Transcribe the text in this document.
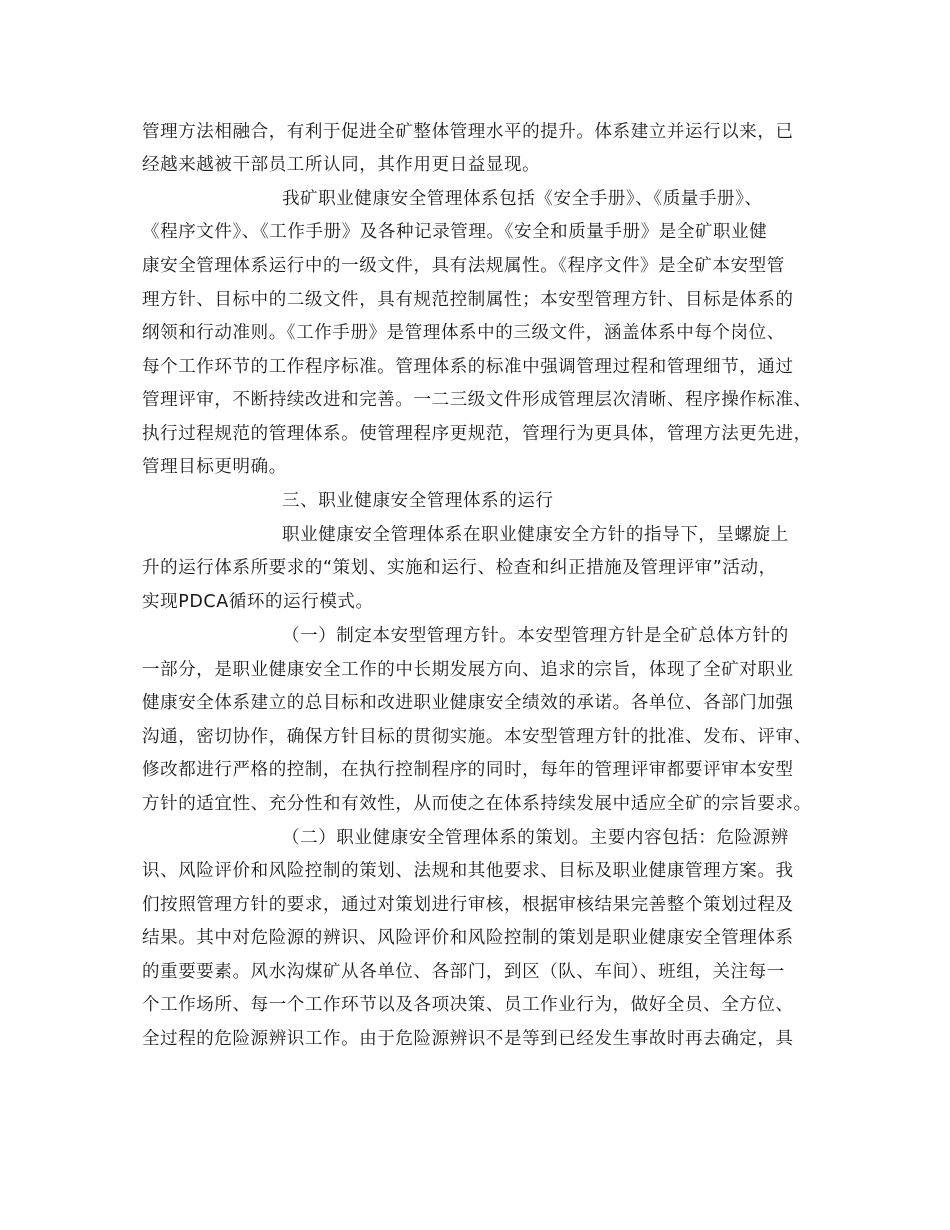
管理方法相融合，有利于促进全矿整体管理水平的提升。体系建立并运行以来，已
经越来越被干部员工所认同，其作用更日益显现。
我矿职业健康安全管理体系包括《安全手册》、《质量手册》、
《程序文件》、《工作手册》及各种记录管理。《安全和质量手册》是全矿职业健
康安全管理体系运行中的一级文件，具有法规属性。《程序文件》是全矿本安型管
理方针、目标中的二级文件，具有规范控制属性；本安型管理方针、目标是体系的
纲领和行动准则。《工作手册》是管理体系中的三级文件，涵盖体系中每个岗位、
每个工作环节的工作程序标准。管理体系的标准中强调管理过程和管理细节，通过
管理评审，不断持续改进和完善。一二三级文件形成管理层次清晰、程序操作标准、
执行过程规范的管理体系。使管理程序更规范，管理行为更具体，管理方法更先进，
管理目标更明确。
三、职业健康安全管理体系的运行
职业健康安全管理体系在职业健康安全方针的指导下，呈螺旋上
升的运行体系所要求的“策划、实施和运行、检查和纠正措施及管理评审”活动，
实现PDCA循环的运行模式。
（一）制定本安型管理方针。本安型管理方针是全矿总体方针的
一部分，是职业健康安全工作的中长期发展方向、追求的宗旨，体现了全矿对职业
健康安全体系建立的总目标和改进职业健康安全绩效的承诺。各单位、各部门加强
沟通，密切协作，确保方针目标的贯彻实施。本安型管理方针的批准、发布、评审、
修改都进行严格的控制，在执行控制程序的同时，每年的管理评审都要评审本安型
方针的适宜性、充分性和有效性，从而使之在体系持续发展中适应全矿的宗旨要求。
（二）职业健康安全管理体系的策划。主要内容包括：危险源辨
识、风险评价和风险控制的策划、法规和其他要求、目标及职业健康管理方案。我
们按照管理方针的要求，通过对策划进行审核，根据审核结果完善整个策划过程及
结果。其中对危险源的辨识、风险评价和风险控制的策划是职业健康安全管理体系
的重要要素。风水沟煤矿从各单位、各部门，到区（队、车间）、班组，关注每一
个工作场所、每一个工作环节以及各项决策、员工作业行为，做好全员、全方位、
全过程的危险源辨识工作。由于危险源辨识不是等到已经发生事故时再去确定，具
